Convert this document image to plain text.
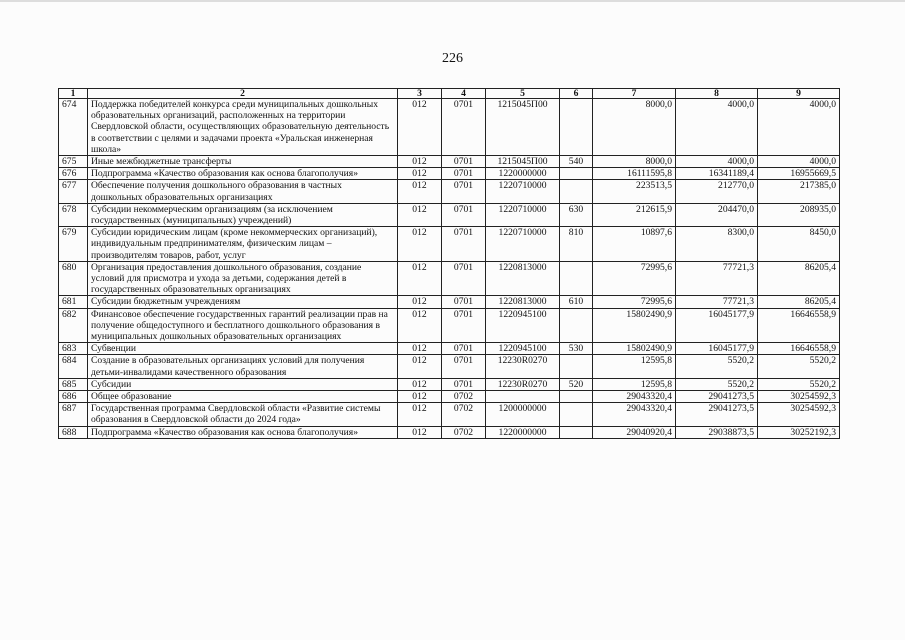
226
1	2	3	4	5	6	7	8	9
674	Поддержка победителей конкурса среди муниципальных дошкольных образовательных организаций, расположенных на территории Свердловской области, осуществляющих образовательную деятельность в соответствии с целями и задачами проекта «Уральская инженерная школа»	012	0701	1215045П00		8000,0	4000,0	4000,0
675	Иные межбюджетные трансферты	012	0701	1215045П00	540	8000,0	4000,0	4000,0
676	Подпрограмма «Качество образования как основа благополучия»	012	0701	1220000000		16111595,8	16341189,4	16955669,5
677	Обеспечение получения дошкольного образования в частных дошкольных образовательных организациях	012	0701	1220710000		223513,5	212770,0	217385,0
678	Субсидии некоммерческим организациям (за исключением государственных (муниципальных) учреждений)	012	0701	1220710000	630	212615,9	204470,0	208935,0
679	Субсидии юридическим лицам (кроме некоммерческих организаций), индивидуальным предпринимателям, физическим лицам – производителям товаров, работ, услуг	012	0701	1220710000	810	10897,6	8300,0	8450,0
680	Организация предоставления дошкольного образования, создание условий для присмотра и ухода за детьми, содержания детей в государственных образовательных организациях	012	0701	1220813000		72995,6	77721,3	86205,4
681	Субсидии бюджетным учреждениям	012	0701	1220813000	610	72995,6	77721,3	86205,4
682	Финансовое обеспечение государственных гарантий реализации прав на получение общедоступного и бесплатного дошкольного образования в муниципальных дошкольных образовательных организациях	012	0701	1220945100		15802490,9	16045177,9	16646558,9
683	Субвенции	012	0701	1220945100	530	15802490,9	16045177,9	16646558,9
684	Создание в образовательных организациях условий для получения детьми-инвалидами качественного образования	012	0701	12230R0270		12595,8	5520,2	5520,2
685	Субсидии	012	0701	12230R0270	520	12595,8	5520,2	5520,2
686	Общее образование	012	0702			29043320,4	29041273,5	30254592,3
687	Государственная программа Свердловской области «Развитие системы образования в Свердловской области до 2024 года»	012	0702	1200000000		29043320,4	29041273,5	30254592,3
688	Подпрограмма «Качество образования как основа благополучия»	012	0702	1220000000		29040920,4	29038873,5	30252192,3
